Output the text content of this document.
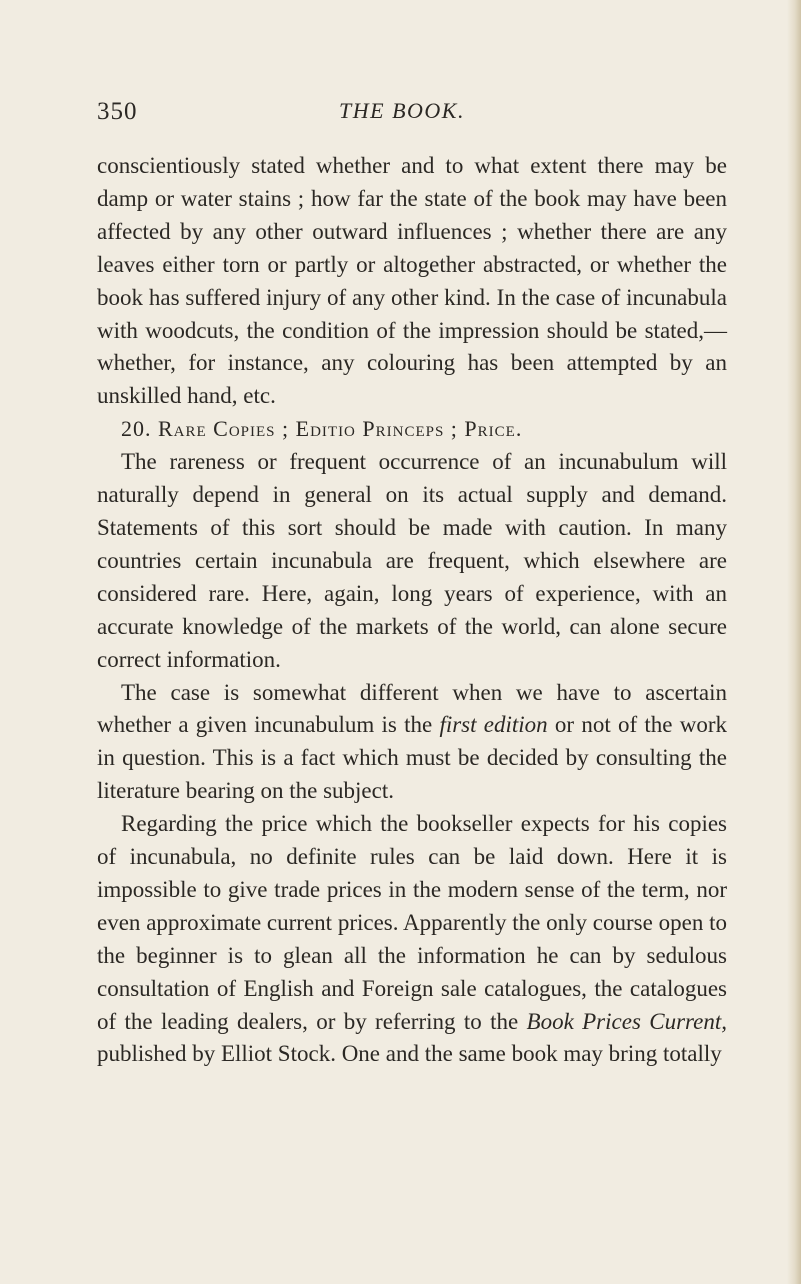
350	THE BOOK.

conscientiously stated whether and to what extent there may be damp or water stains ; how far the state of the book may have been affected by any other outward influences ; whether there are any leaves either torn or partly or altogether abstracted, or whether the book has suffered injury of any other kind. In the case of incunabula with woodcuts, the condition of the impression should be stated,—whether, for instance, any colouring has been attempted by an unskilled hand, etc.

20. Rare Copies ; Editio Princeps ; Price.

The rareness or frequent occurrence of an incunabulum will naturally depend in general on its actual supply and demand. Statements of this sort should be made with caution. In many countries certain incunabula are frequent, which elsewhere are considered rare. Here, again, long years of experience, with an accurate knowledge of the markets of the world, can alone secure correct information.

The case is somewhat different when we have to ascertain whether a given incunabulum is the first edition or not of the work in question. This is a fact which must be decided by consulting the literature bearing on the subject.

Regarding the price which the bookseller expects for his copies of incunabula, no definite rules can be laid down. Here it is impossible to give trade prices in the modern sense of the term, nor even approximate current prices. Apparently the only course open to the beginner is to glean all the information he can by sedulous consultation of English and Foreign sale catalogues, the catalogues of the leading dealers, or by referring to the Book Prices Current, published by Elliot Stock. One and the same book may bring totally
